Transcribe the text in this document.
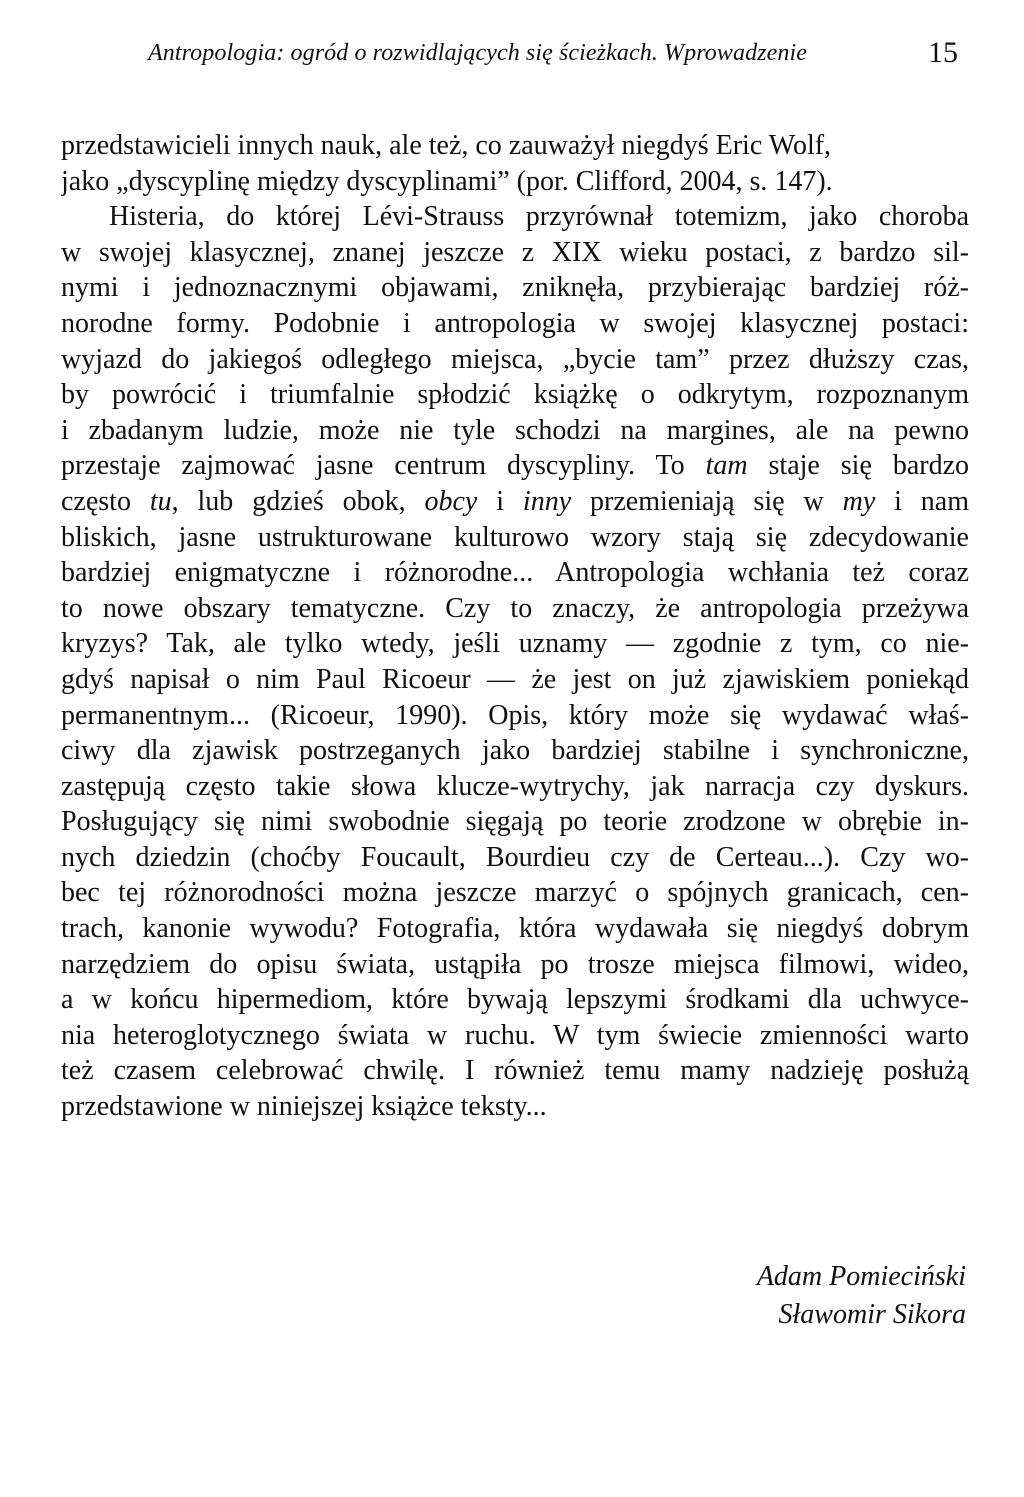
Antropologia: ogród o rozwidlających się ścieżkach. Wprowadzenie	15
przedstawicieli innych nauk, ale też, co zauważył niegdyś Eric Wolf,
jako „dyscyplinę między dyscyplinami” (por. Clifford, 2004, s. 147).
Histeria, do której Lévi-Strauss przyrównał totemizm, jako choroba
w swojej klasycznej, znanej jeszcze z XIX wieku postaci, z bardzo sil-
nymi i jednoznacznymi objawami, zniknęła, przybierając bardziej róż-
norodne formy. Podobnie i antropologia w swojej klasycznej postaci:
wyjazd do jakiegoś odległego miejsca, „bycie tam” przez dłuższy czas,
by powrócić i triumfalnie spłodzić książkę o odkrytym, rozpoznanym
i zbadanym ludzie, może nie tyle schodzi na margines, ale na pewno
przestaje zajmować jasne centrum dyscypliny. To tam staje się bardzo
często tu, lub gdzieś obok, obcy i inny przemieniają się w my i nam
bliskich, jasne ustrukturowane kulturowo wzory stają się zdecydowanie
bardziej enigmatyczne i różnorodne... Antropologia wchłania też coraz
to nowe obszary tematyczne. Czy to znaczy, że antropologia przeżywa
kryzys? Tak, ale tylko wtedy, jeśli uznamy — zgodnie z tym, co nie-
gdyś napisał o nim Paul Ricoeur — że jest on już zjawiskiem poniekąd
permanentnym... (Ricoeur, 1990). Opis, który może się wydawać właś-
ciwy dla zjawisk postrzeganych jako bardziej stabilne i synchroniczne,
zastępują często takie słowa klucze-wytrychy, jak narracja czy dyskurs.
Posługujący się nimi swobodnie sięgają po teorie zrodzone w obrębie in-
nych dziedzin (choćby Foucault, Bourdieu czy de Certeau...). Czy wo-
bec tej różnorodności można jeszcze marzyć o spójnych granicach, cen-
trach, kanonie wywodu? Fotografia, która wydawała się niegdyś dobrym
narzędziem do opisu świata, ustąpiła po trosze miejsca filmowi, wideo,
a w końcu hipermediom, które bywają lepszymi środkami dla uchwyce-
nia heteroglotycznego świata w ruchu. W tym świecie zmienności warto
też czasem celebrować chwilę. I również temu mamy nadzieję posłużą
przedstawione w niniejszej książce teksty...
Adam Pomieciński
Sławomir Sikora
